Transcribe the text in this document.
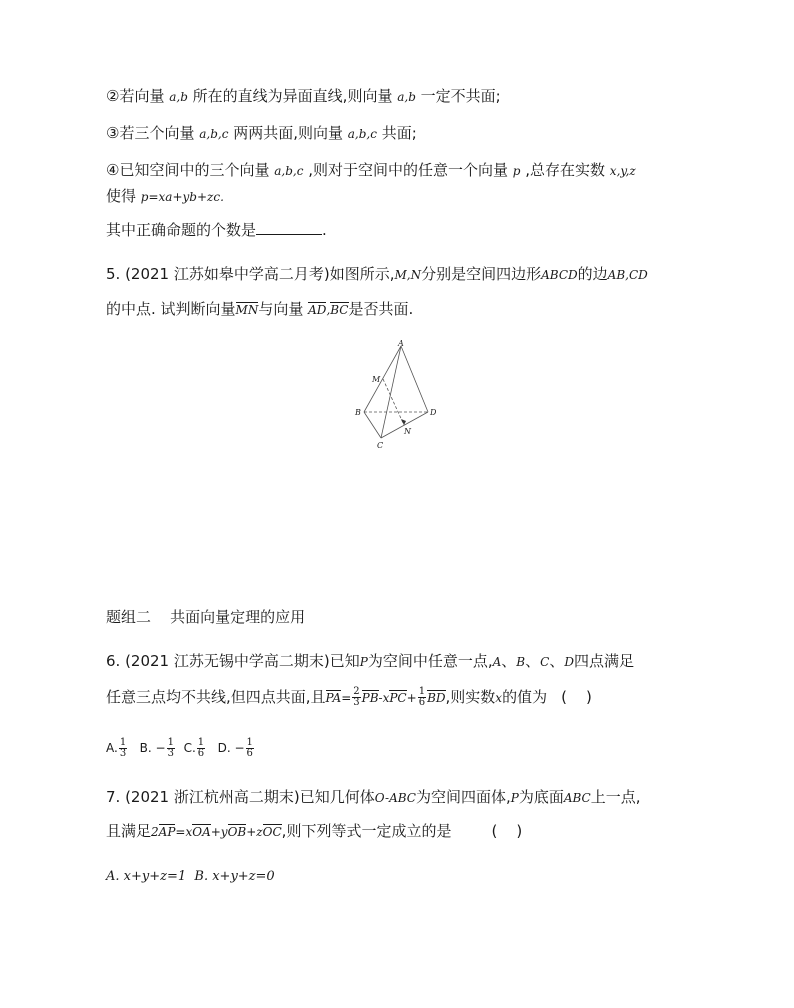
②若向量 a,b 所在的直线为异面直线,则向量 a,b 一定不共面;
③若三个向量 a,b,c 两两共面,则向量 a,b,c 共面;
④已知空间中的三个向量 a,b,c ,则对于空间中的任意一个向量 p ,总存在实数 x,y,z
使得 p=xa+yb+zc.
其中正确命题的个数是	.
5. (2021 江苏如皋中学高二月考)如图所示,M,N分别是空间四边形ABCD的边AB,CD
的中点. 试判断向量MN与向量 AD,BC是否共面.
A
M
B	D
N
C
题组二    共面向量定理的应用
6. (2021 江苏无锡中学高二期末)已知P为空间中任意一点,A、B、C、D四点满足
任意三点均不共线,但四点共面,且$PA= \frac{2}{3} PB-xPC+ \frac{1}{6}$ BD,则实数x的值为 (    )
A. $\frac{1}{3} B$. − $\frac{1}{3} C$. $\frac{1}{6} D$. − $\frac{1}{6}$
7. (2021 浙江杭州高二期末)已知几何体O-ABC为空间四面体,P为底面ABC上一点,
且满足2AP=xOA+yOB+zOC,则下列等式一定成立的是	(    )
A. x+y+z=1 B. x+y+z=0
